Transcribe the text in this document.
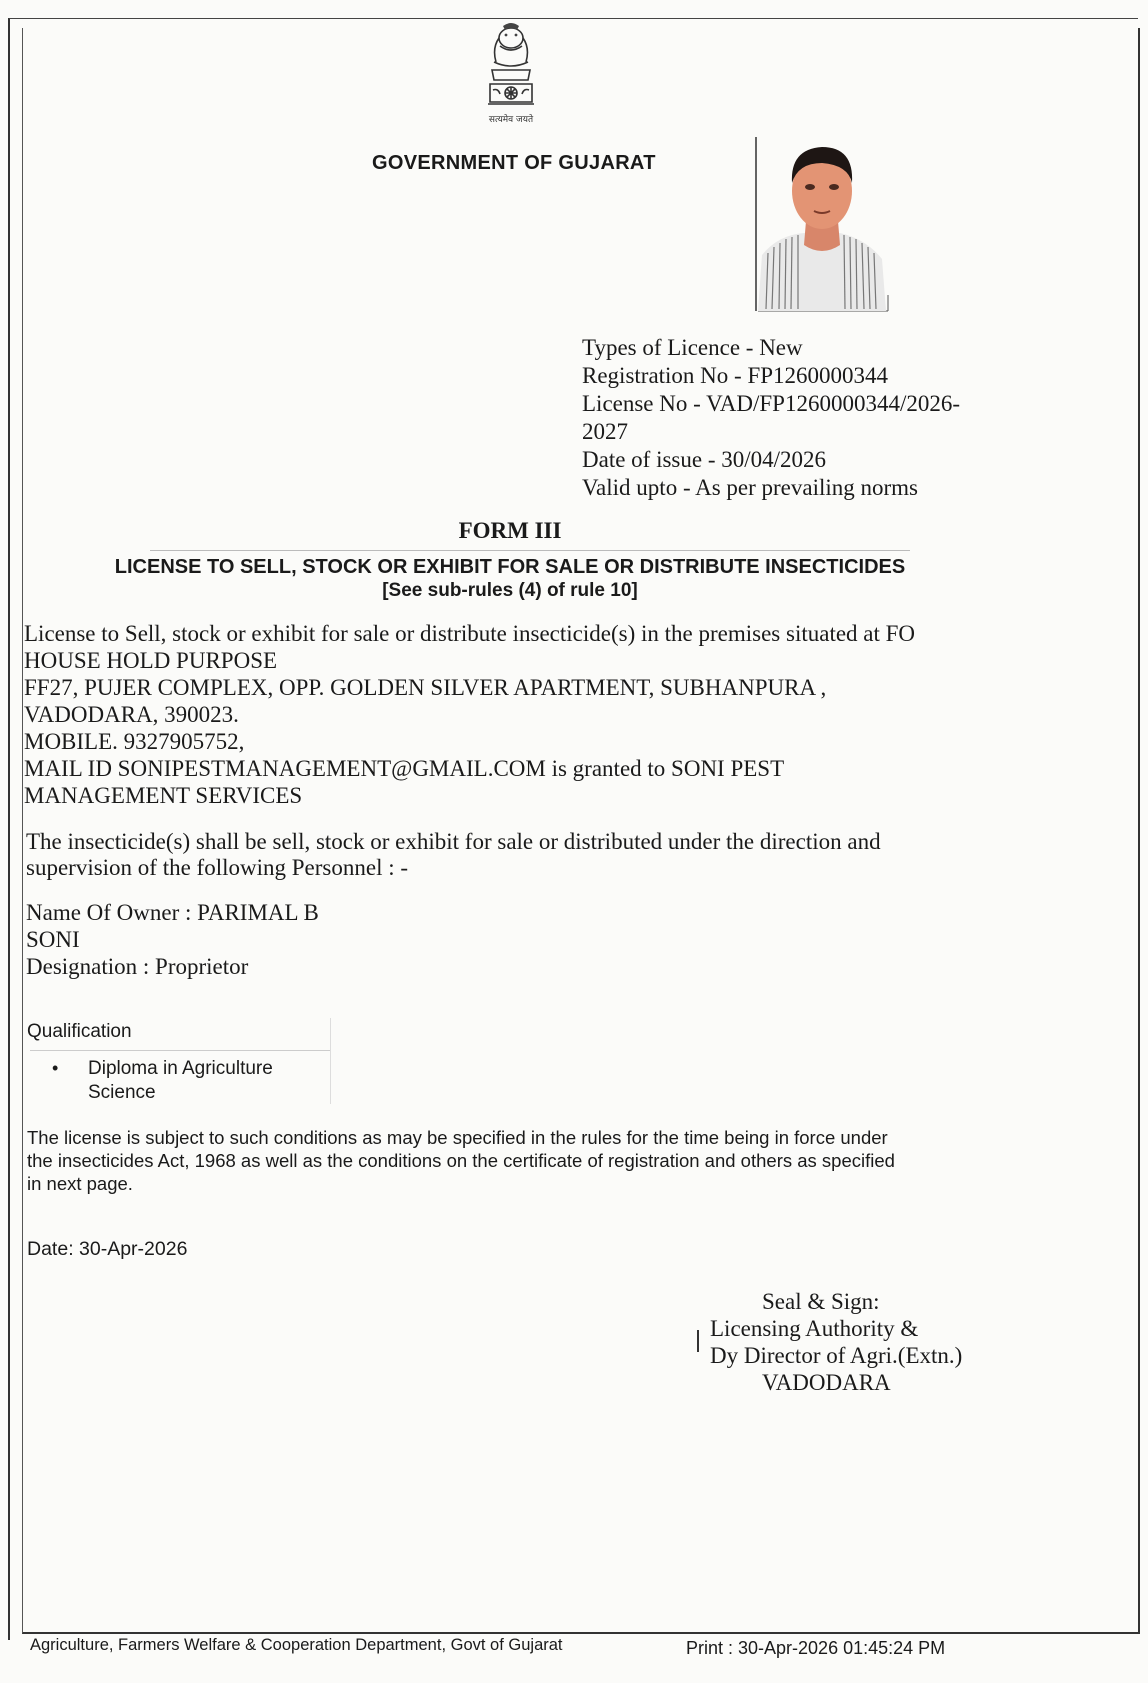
सत्यमेव जयते
GOVERNMENT OF GUJARAT
Types of Licence - New
Registration No - FP1260000344
License No - VAD/FP1260000344/2026-
2027
Date of issue - 30/04/2026
Valid upto - As per prevailing norms
FORM III
LICENSE TO SELL, STOCK OR EXHIBIT FOR SALE OR DISTRIBUTE INSECTICIDES
[See sub-rules (4) of rule 10]
License to Sell, stock or exhibit for sale or distribute insecticide(s) in the premises situated at FO
HOUSE HOLD PURPOSE
FF27, PUJER COMPLEX, OPP. GOLDEN SILVER APARTMENT, SUBHANPURA ,
VADODARA, 390023.
MOBILE. 9327905752,
MAIL ID SONIPESTMANAGEMENT@GMAIL.COM is granted to SONI PEST
MANAGEMENT SERVICES
The insecticide(s) shall be sell, stock or exhibit for sale or distributed under the direction and
supervision of the following Personnel : -
Name Of Owner : PARIMAL B
SONI
Designation : Proprietor
Qualification
• Diploma in Agriculture
Science
The license is subject to such conditions as may be specified in the rules for the time being in force under
the insecticides Act, 1968 as well as the conditions on the certificate of registration and others as specified
in next page.
Date: 30-Apr-2026
Seal & Sign:
Licensing Authority &
Dy Director of Agri.(Extn.)
VADODARA
Agriculture, Farmers Welfare & Cooperation Department, Govt of Gujarat	Print : 30-Apr-2026 01:45:24 PM
